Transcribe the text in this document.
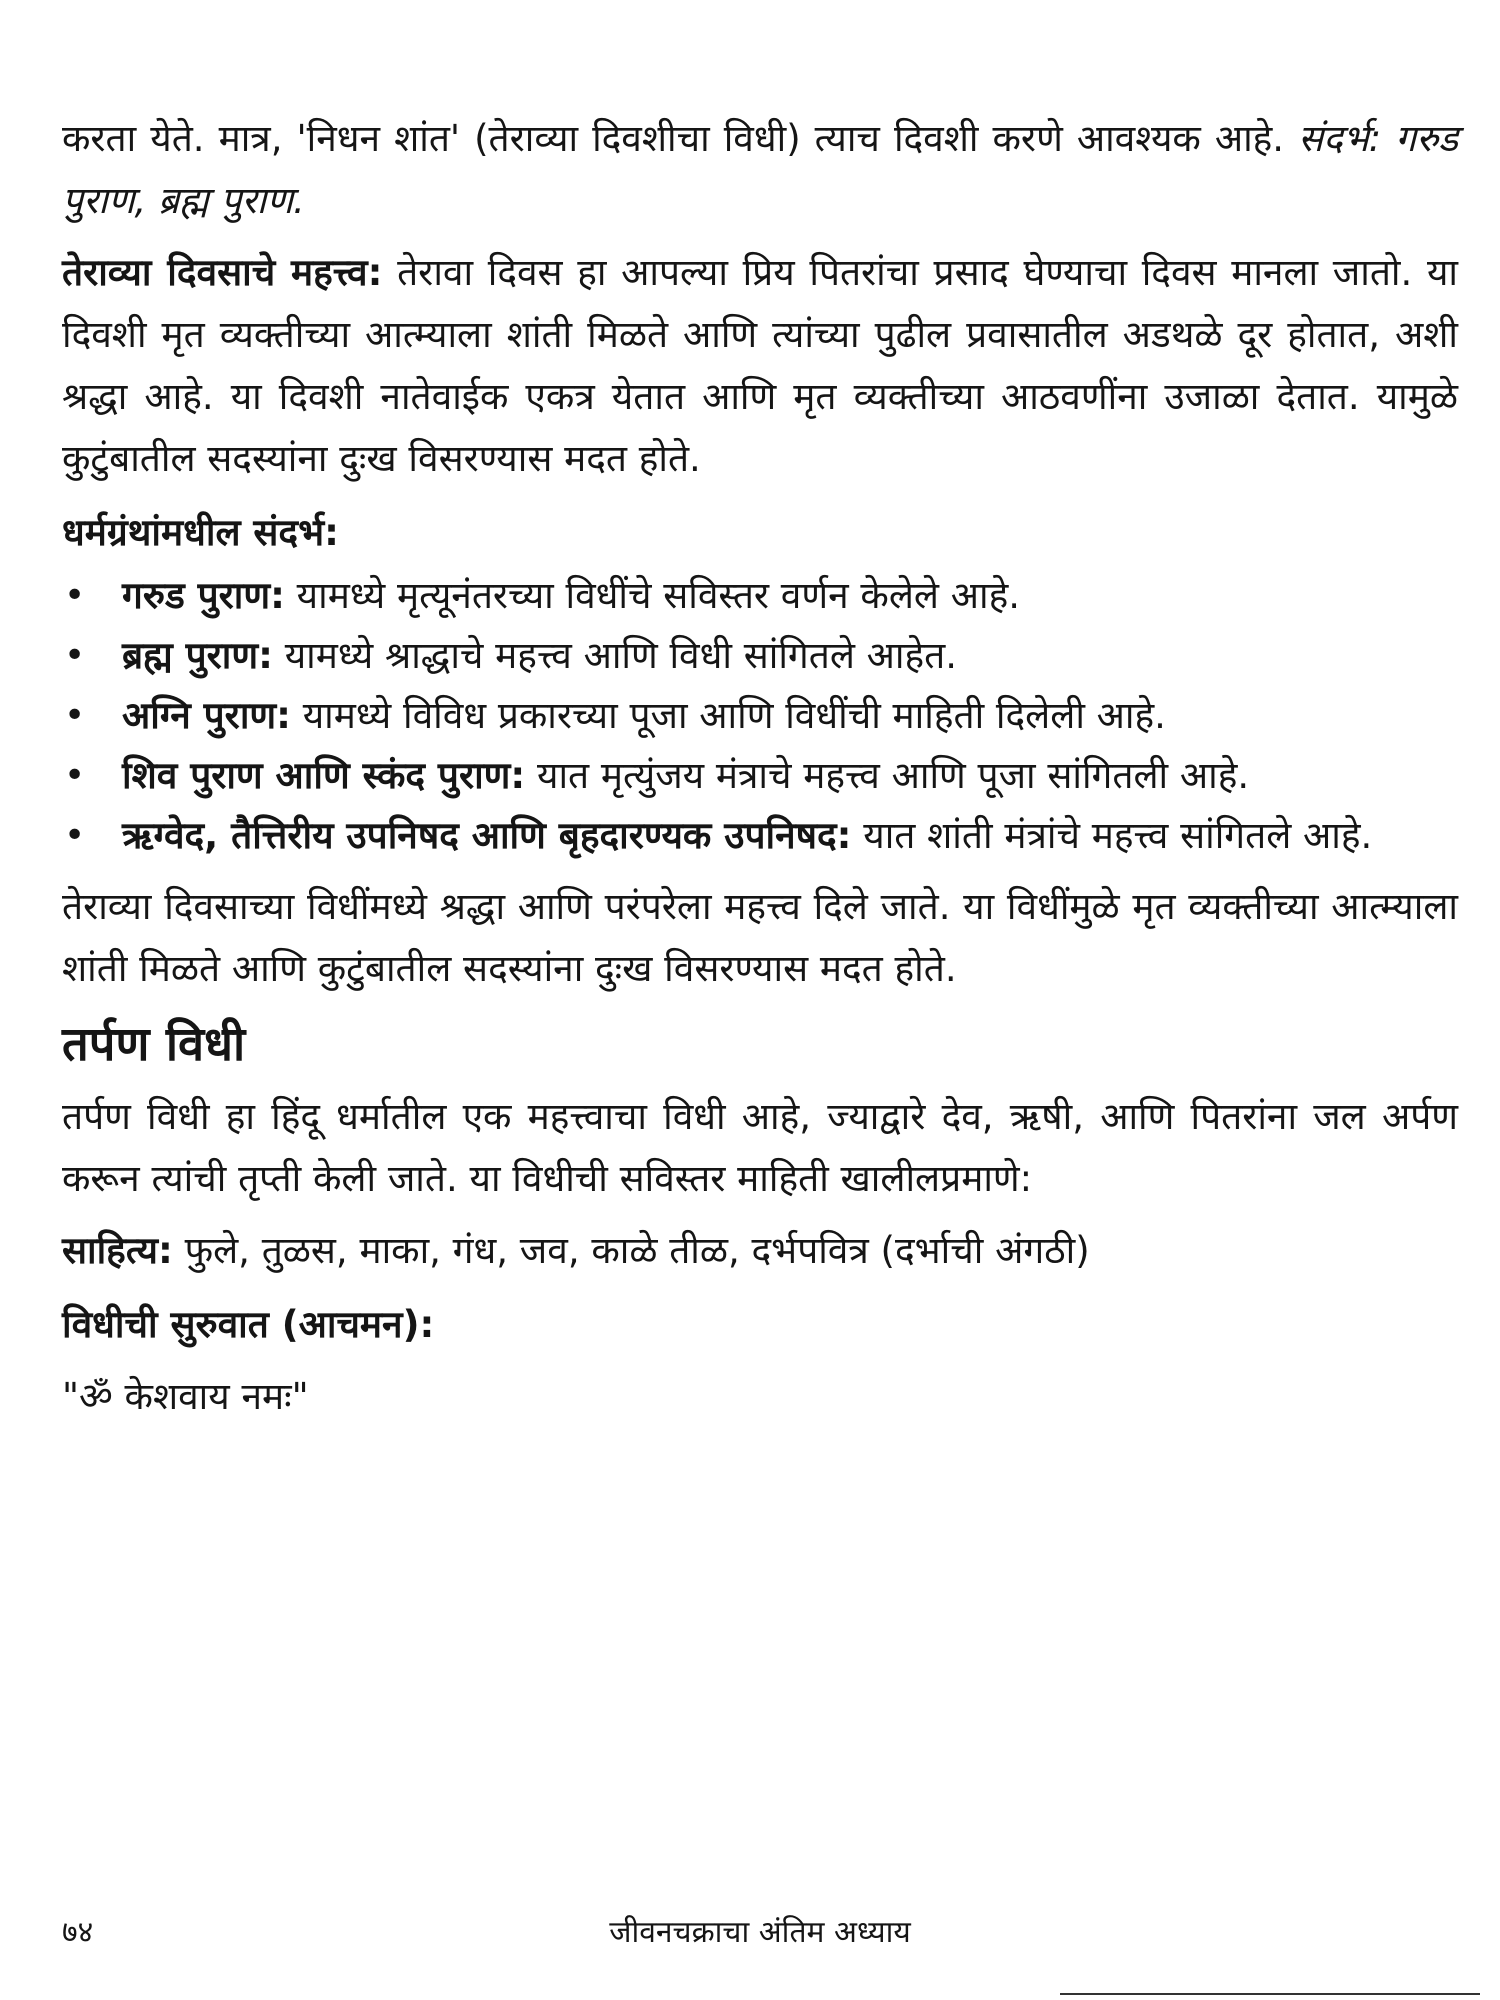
करता येते. मात्र, 'निधन शांत' (तेराव्या दिवशीचा विधी) त्याच दिवशी करणे आवश्यक आहे. संदर्भ: गरुड पुराण, ब्रह्म पुराण.

तेराव्या दिवसाचे महत्त्व: तेरावा दिवस हा आपल्या प्रिय पितरांचा प्रसाद घेण्याचा दिवस मानला जातो. या दिवशी मृत व्यक्तीच्या आत्म्याला शांती मिळते आणि त्यांच्या पुढील प्रवासातील अडथळे दूर होतात, अशी श्रद्धा आहे. या दिवशी नातेवाईक एकत्र येतात आणि मृत व्यक्तीच्या आठवणींना उजाळा देतात. यामुळे कुटुंबातील सदस्यांना दुःख विसरण्यास मदत होते.

धर्मग्रंथांमधील संदर्भ:

• गरुड पुराण: यामध्ये मृत्यूनंतरच्या विधींचे सविस्तर वर्णन केलेले आहे.
• ब्रह्म पुराण: यामध्ये श्राद्धाचे महत्त्व आणि विधी सांगितले आहेत.
• अग्नि पुराण: यामध्ये विविध प्रकारच्या पूजा आणि विधींची माहिती दिलेली आहे.
• शिव पुराण आणि स्कंद पुराण: यात मृत्युंजय मंत्राचे महत्त्व आणि पूजा सांगितली आहे.
• ऋग्वेद, तैत्तिरीय उपनिषद आणि बृहदारण्यक उपनिषद: यात शांती मंत्रांचे महत्त्व सांगितले आहे.

तेराव्या दिवसाच्या विधींमध्ये श्रद्धा आणि परंपरेला महत्त्व दिले जाते. या विधींमुळे मृत व्यक्तीच्या आत्म्याला शांती मिळते आणि कुटुंबातील सदस्यांना दुःख विसरण्यास मदत होते.

तर्पण विधी

तर्पण विधी हा हिंदू धर्मातील एक महत्त्वाचा विधी आहे, ज्याद्वारे देव, ऋषी, आणि पितरांना जल अर्पण करून त्यांची तृप्ती केली जाते. या विधीची सविस्तर माहिती खालीलप्रमाणे:

साहित्य: फुले, तुळस, माका, गंध, जव, काळे तीळ, दर्भपवित्र (दर्भाची अंगठी)

विधीची सुरुवात (आचमन):

"ॐ केशवाय नमः"

७४	जीवनचक्राचा अंतिम अध्याय
